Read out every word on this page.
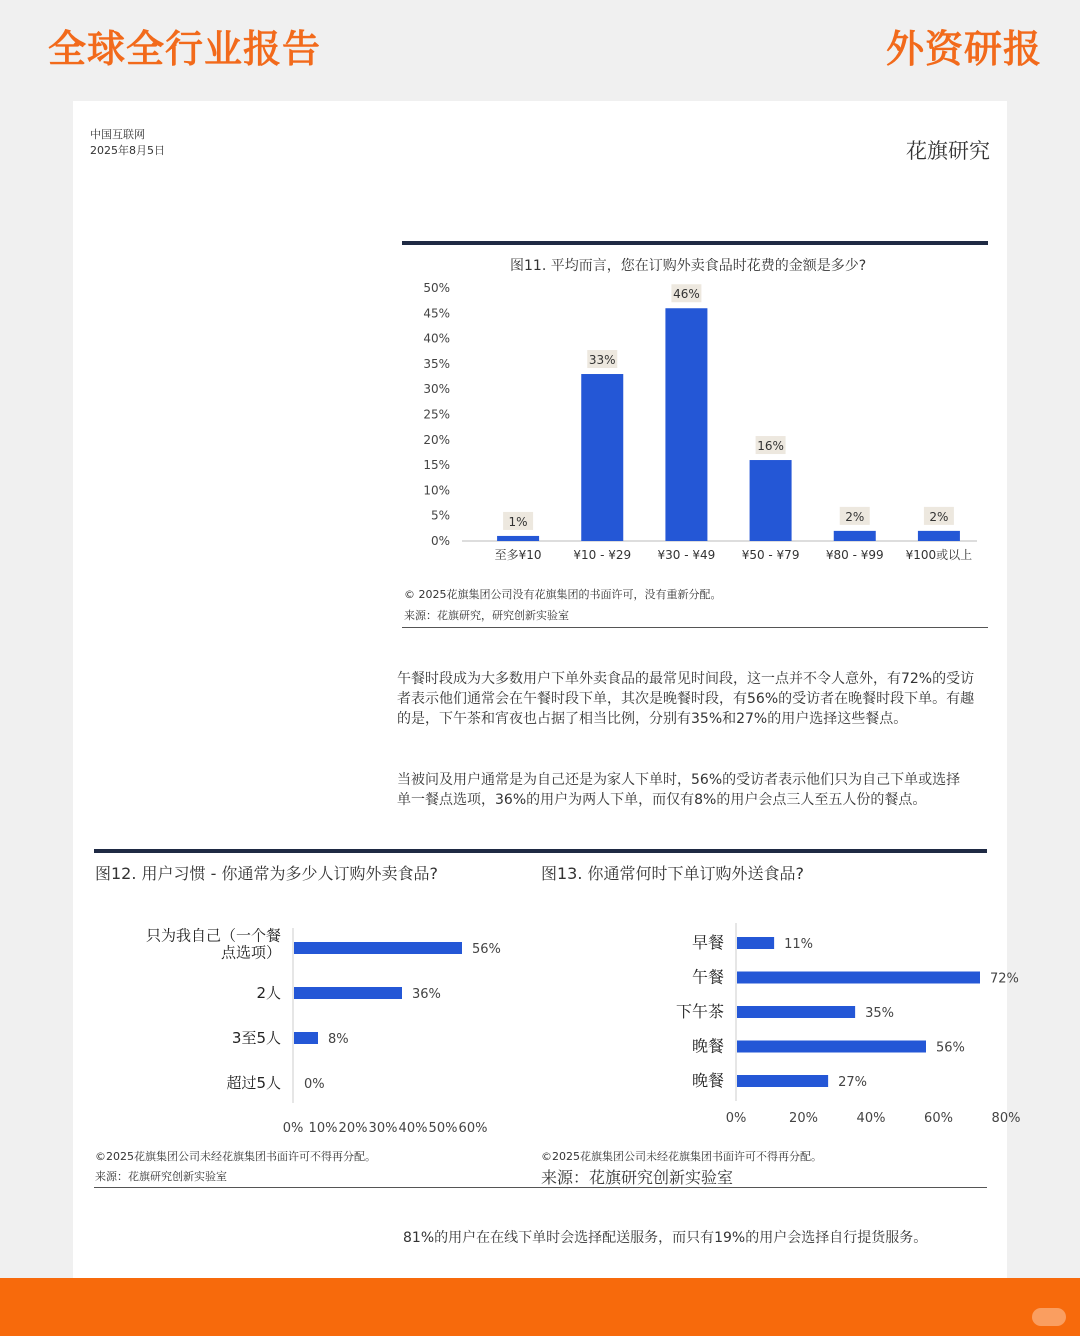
全球全行业报告	外资研报
中国互联网
2025年8月5日	花旗研究
图11. 平均而言，您在订购外卖食品时花费的金额是多少?
0%
5%
10%
15%
20%
25%
30%
35%
40%
45%
50%
1%
至多¥10
33%
¥10 - ¥29
46%
¥30 - ¥49
16%
¥50 - ¥79
2%
¥80 - ¥99
2%
¥100或以上
© 2025花旗集团公司没有花旗集团的书面许可，没有重新分配。
来源：花旗研究，研究创新实验室
午餐时段成为大多数用户下单外卖食品的最常见时间段，这一点并不令人意外，有72%的受访者表示他们通常会在午餐时段下单，其次是晚餐时段，有56%的受访者在晚餐时段下单。有趣的是，下午茶和宵夜也占据了相当比例，分别有35%和27%的用户选择这些餐点。
当被问及用户通常是为自己还是为家人下单时，56%的受访者表示他们只为自己下单或选择单一餐点选项，36%的用户为两人下单，而仅有8%的用户会点三人至五人份的餐点。
图12. 用户习惯 - 你通常为多少人订购外卖食品?
56%
只为我自己（一个餐
点选项）
36%
2人
8%
3至5人
0%
超过5人
0% 10% 20% 30% 40% 50% 60%
©2025花旗集团公司未经花旗集团书面许可不得再分配。
来源：花旗研究创新实验室
图13. 你通常何时下单订购外送食品?
11%
早餐
72%
午餐
35%
下午茶
56%
晚餐
27%
晚餐
0%	20%	40%	60%	80%
©2025花旗集团公司未经花旗集团书面许可不得再分配。
来源：花旗研究创新实验室
81%的用户在在线下单时会选择配送服务，而只有19%的用户会选择自行提货服务。
